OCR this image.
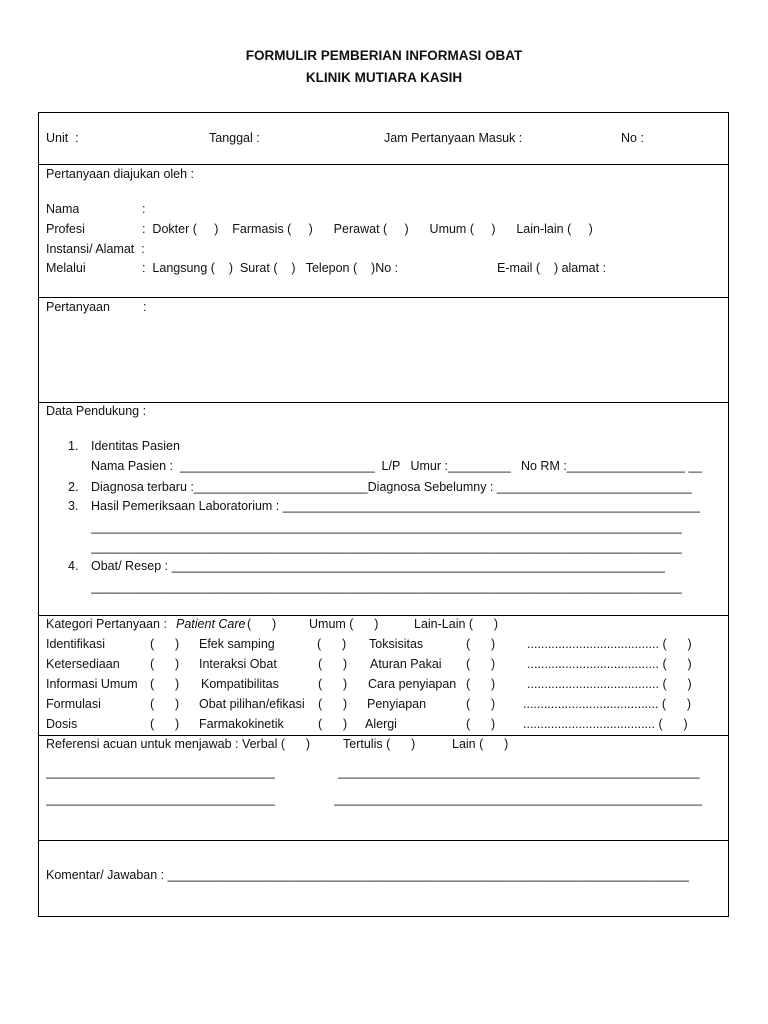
FORMULIR PEMBERIAN INFORMASI OBAT
KLINIK MUTIARA KASIH
Unit  :	Tanggal :	Jam Pertanyaan Masuk :	No :
Pertanyaan diajukan oleh :
Nama	:
Profesi	:  Dokter (     )    Farmasis (     )      Perawat (     )      Umum (     )      Lain-lain (     )
Instansi/ Alamat  :
Melalui	:  Langsung (    )  Surat (    )   Telepon (    )No :	E-mail (    ) alamat :
Pertanyaan	:
Data Pendukung :
1. Identitas Pasien
Nama Pasien :  ____________________________  L/P   Umur :_________   No RM :_________________ __
2. Diagnosa terbaru :_________________________Diagnosa Sebelumny : ____________________________
3. Hasil Pemeriksaan Laboratorium : ____________________________________________________________
_____________________________________________________________________________________
_____________________________________________________________________________________
4. Obat/ Resep : _______________________________________________________________________
_____________________________________________________________________________________
Kategori Pertanyaan : Patient Care (      )	Umum (      )	Lain-Lain (      )
Identifikasi	(      ) Efek samping	(      ) Toksisitas	(      )	...................................... (      )
Ketersediaan (      ) Interaksi Obat	(      ) Aturan Pakai (      )	...................................... (      )
Informasi Umum (      ) Kompatibilitas	(      ) Cara penyiapan (      )	...................................... (      )
Formulasi	(      ) Obat pilihan/efikasi (      ) Penyiapan	(      ) ....................................... (      )
Dosis	(      ) Farmakokinetik	(      ) Alergi	(      ) ...................................... (      )
Referensi acuan untuk menjawab : Verbal (      )	Tertulis (      )	Lain (      )
_________________________________	____________________________________________________
_________________________________	_____________________________________________________
Komentar/ Jawaban : ___________________________________________________________________________
